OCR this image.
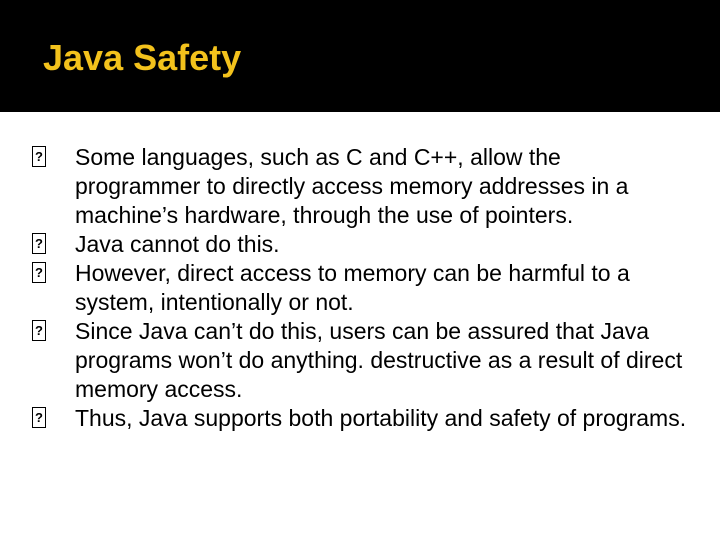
Java Safety
? Some languages, such as C and C++, allow the programmer to directly access memory addresses in a machine’s hardware, through the use of pointers.
? Java cannot do this.
? However, direct access to memory can be harmful to a system, intentionally or not.
? Since Java can’t do this, users can be assured that Java programs won’t do anything. destructive as a result of direct memory access.
? Thus, Java supports both portability and safety of programs.
